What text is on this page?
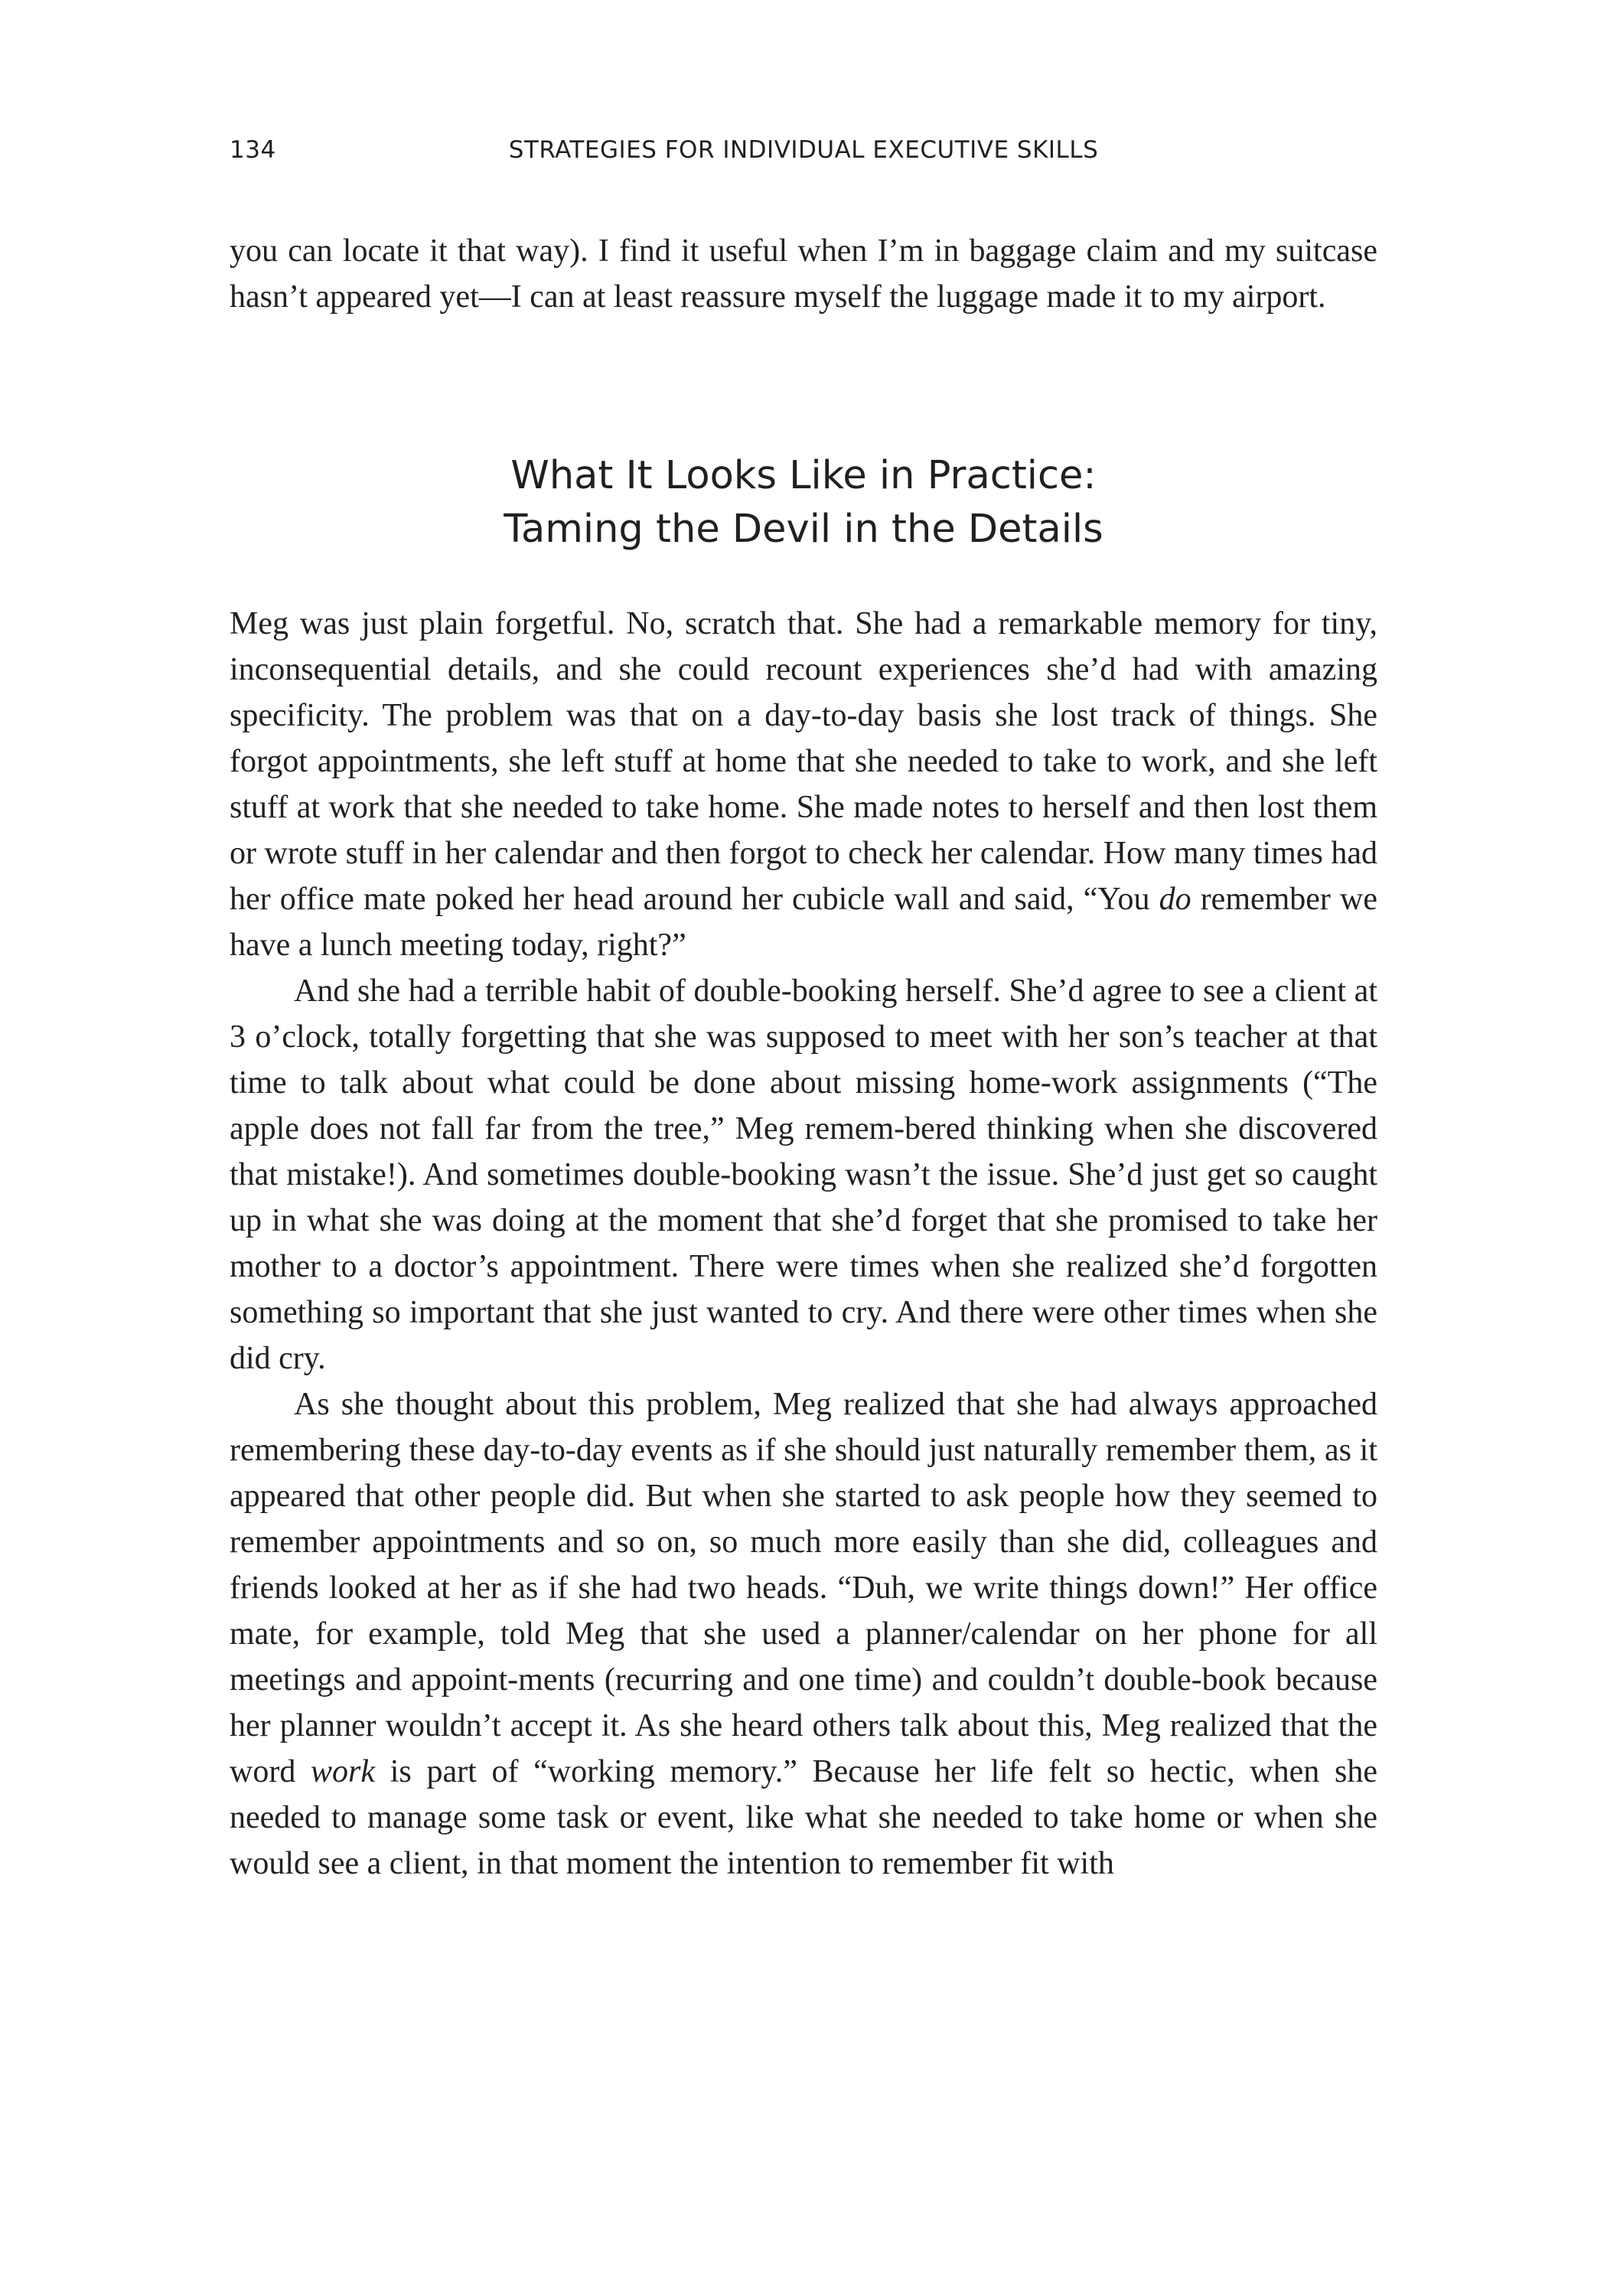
134	STRATEGIES FOR INDIVIDUAL EXECUTIVE SKILLS

you can locate it that way). I find it useful when I’m in baggage claim and my suitcase hasn’t appeared yet—I can at least reassure myself the luggage made it to my airport.

What It Looks Like in Practice:
Taming the Devil in the Details

Meg was just plain forgetful. No, scratch that. She had a remarkable memory for tiny, inconsequential details, and she could recount experiences she’d had with amazing specificity. The problem was that on a day-to-day basis she lost track of things. She forgot appointments, she left stuff at home that she needed to take to work, and she left stuff at work that she needed to take home. She made notes to herself and then lost them or wrote stuff in her calendar and then forgot to check her calendar. How many times had her office mate poked her head around her cubicle wall and said, “You do remember we have a lunch meeting today, right?”

And she had a terrible habit of double-booking herself. She’d agree to see a client at 3 o’clock, totally forgetting that she was supposed to meet with her son’s teacher at that time to talk about what could be done about missing home-work assignments (“The apple does not fall far from the tree,” Meg remem-bered thinking when she discovered that mistake!). And sometimes double-booking wasn’t the issue. She’d just get so caught up in what she was doing at the moment that she’d forget that she promised to take her mother to a doctor’s appointment. There were times when she realized she’d forgotten something so important that she just wanted to cry. And there were other times when she did cry.

As she thought about this problem, Meg realized that she had always approached remembering these day-to-day events as if she should just naturally remember them, as it appeared that other people did. But when she started to ask people how they seemed to remember appointments and so on, so much more easily than she did, colleagues and friends looked at her as if she had two heads. “Duh, we write things down!” Her office mate, for example, told Meg that she used a planner/calendar on her phone for all meetings and appoint-ments (recurring and one time) and couldn’t double-book because her planner wouldn’t accept it. As she heard others talk about this, Meg realized that the word work is part of “working memory.” Because her life felt so hectic, when she needed to manage some task or event, like what she needed to take home or when she would see a client, in that moment the intention to remember fit with
